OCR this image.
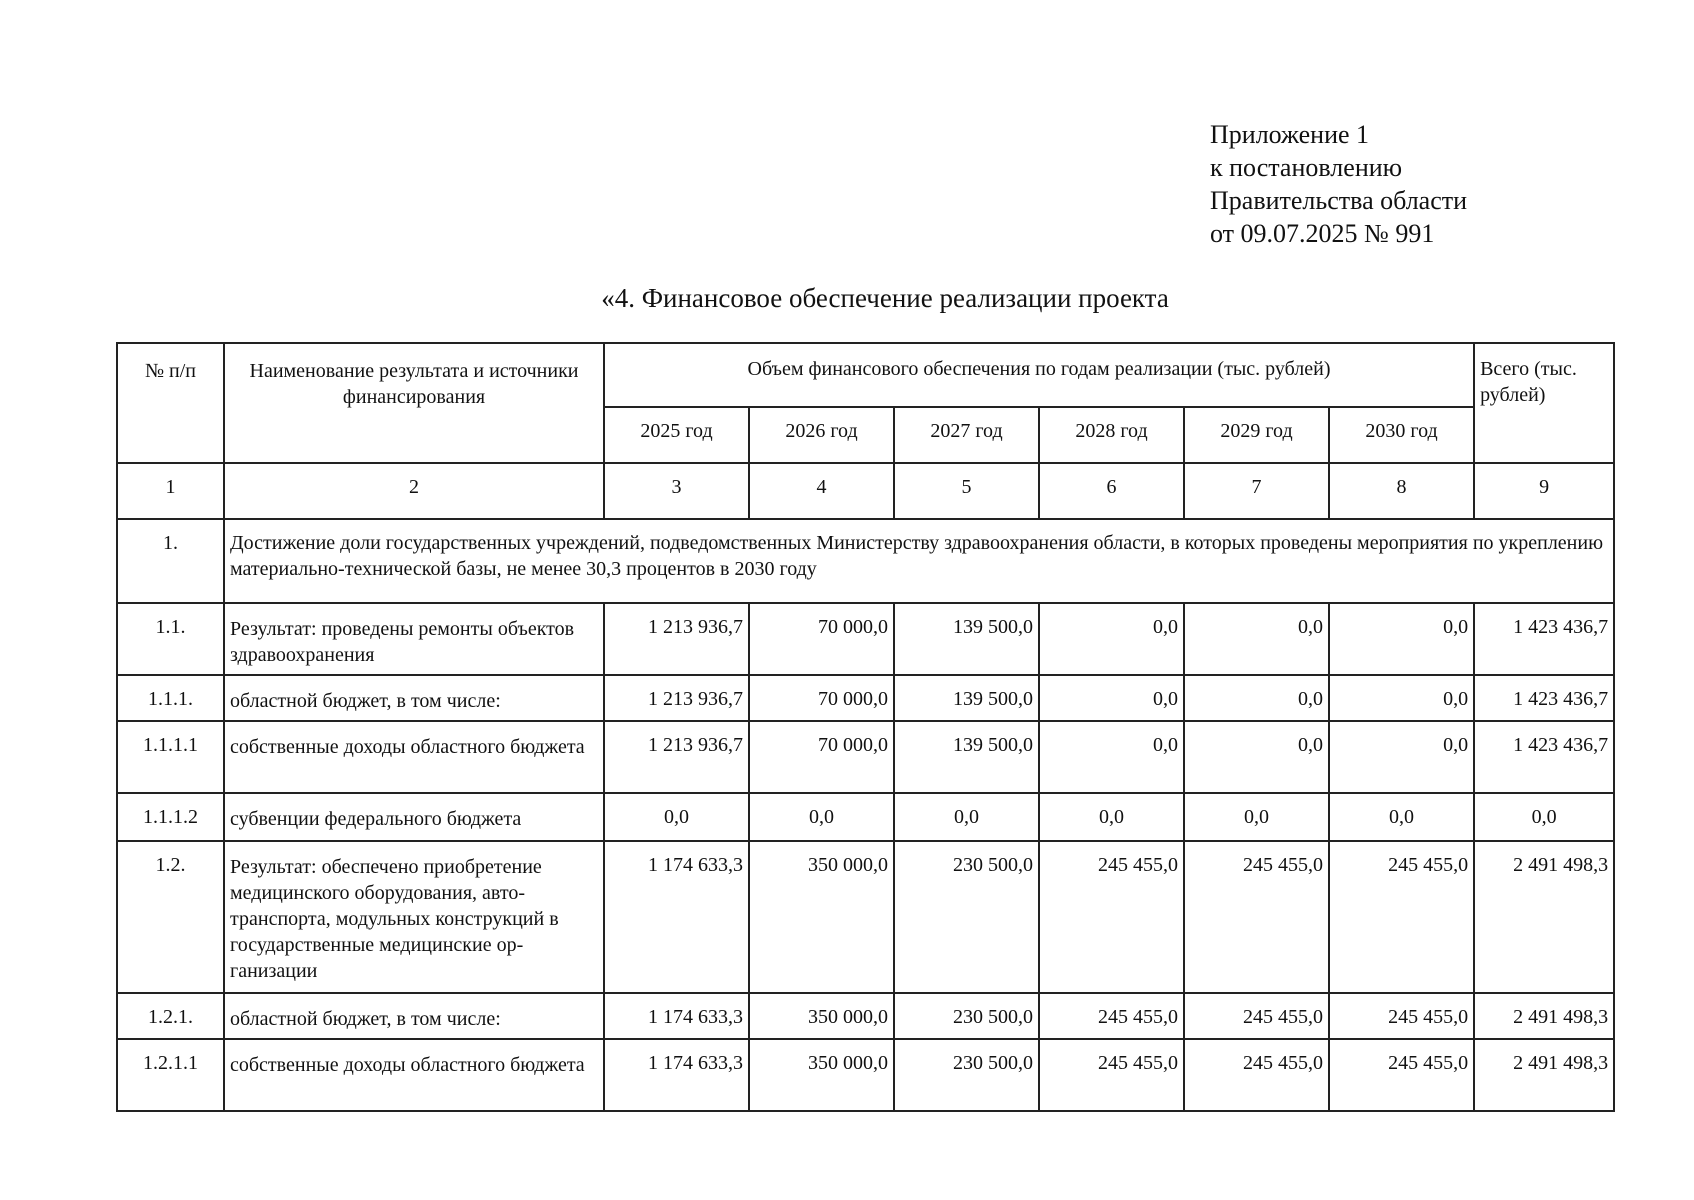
Приложение 1
к постановлению
Правительства области
от 09.07.2025 № 991
«4. Финансовое обеспечение реализации проекта
№ п/п	Наименование результата и источники финансирования	Объем финансового обеспечения по годам реализации (тыс. рублей)						Всего (тыс. рублей)
		2025 год	2026 год	2027 год	2028 год	2029 год	2030 год	
1	2	3	4	5	6	7	8	9
1.	Достижение доли государственных учреждений, подведомственных Министерству здравоохранения области, в которых проведены мероприятия по укреплению материально-технической базы, не менее 30,3 процентов в 2030 году							
1.1.	Результат: проведены ремонты объектов здравоохранения	1 213 936,7	70 000,0	139 500,0	0,0	0,0	0,0	1 423 436,7
1.1.1.	областной бюджет, в том числе:	1 213 936,7	70 000,0	139 500,0	0,0	0,0	0,0	1 423 436,7
1.1.1.1	собственные доходы областного бюджета	1 213 936,7	70 000,0	139 500,0	0,0	0,0	0,0	1 423 436,7
1.1.1.2	субвенции федерального бюджета	0,0	0,0	0,0	0,0	0,0	0,0	0,0
1.2.	Результат: обеспечено приобретение медицинского оборудования, автотранспорта, модульных конструкций в государственные медицинские организации	1 174 633,3	350 000,0	230 500,0	245 455,0	245 455,0	245 455,0	2 491 498,3
1.2.1.	областной бюджет, в том числе:	1 174 633,3	350 000,0	230 500,0	245 455,0	245 455,0	245 455,0	2 491 498,3
1.2.1.1	собственные доходы областного бюджета	1 174 633,3	350 000,0	230 500,0	245 455,0	245 455,0	245 455,0	2 491 498,3
